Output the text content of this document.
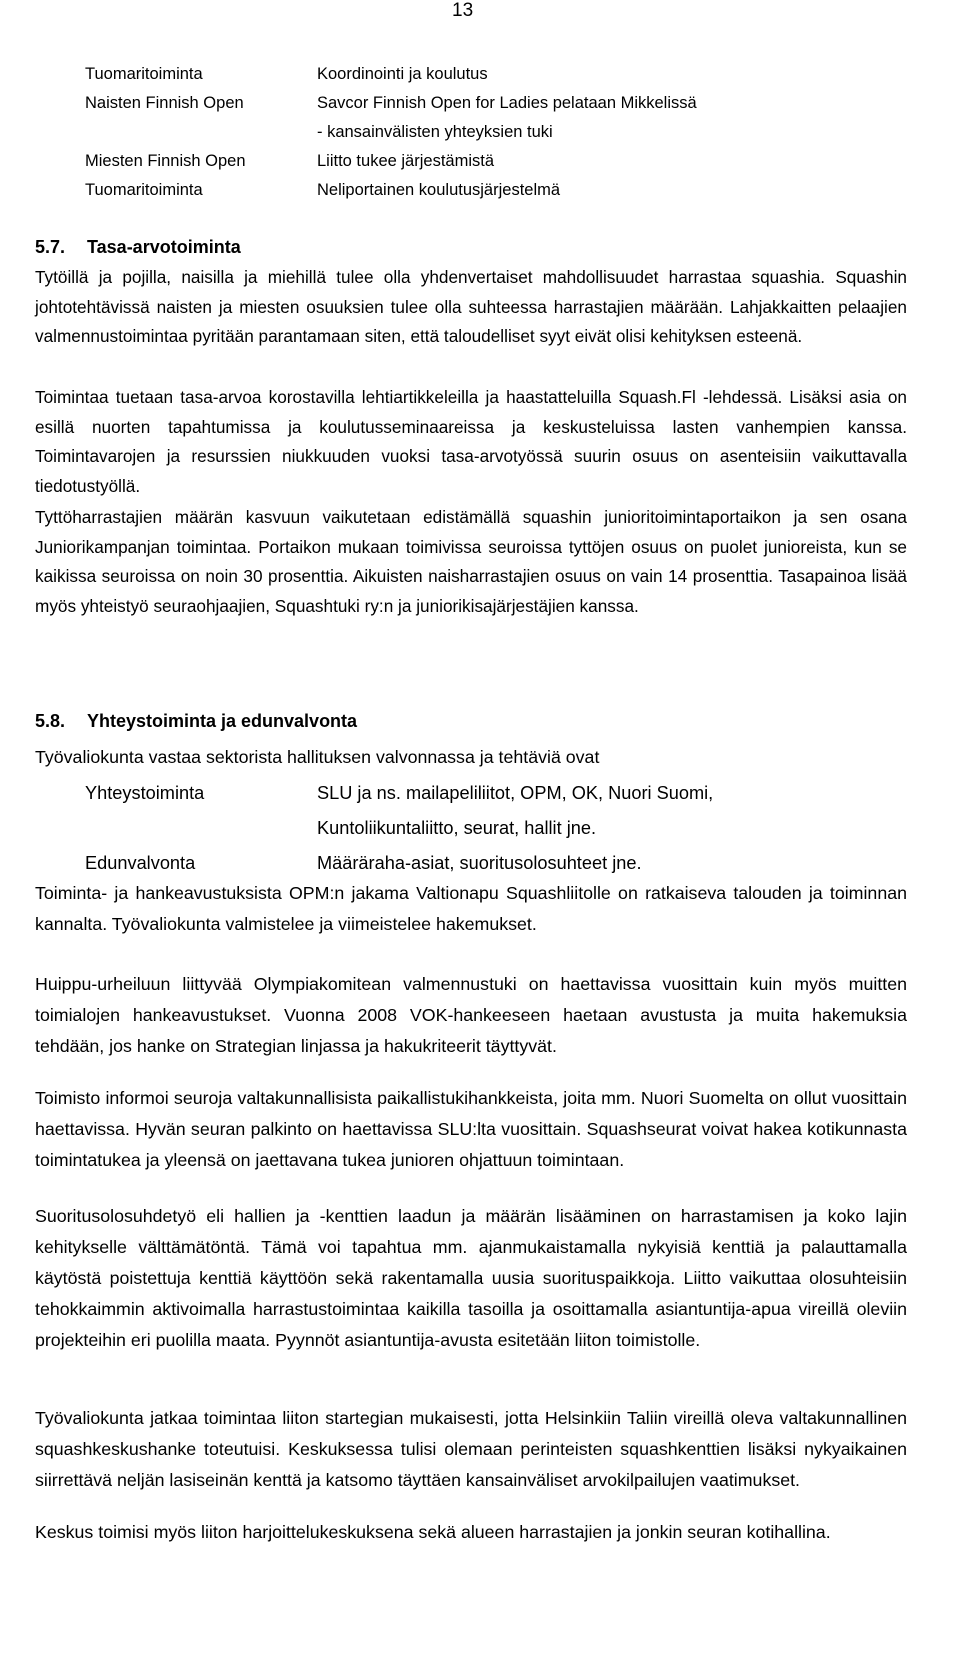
13
Tuomaritoiminta	Koordinointi ja koulutus
Naisten Finnish Open	Savcor Finnish Open for Ladies pelataan Mikkelissä
- kansainvälisten yhteyksien tuki
Miesten Finnish Open	Liitto tukee järjestämistä
Tuomaritoiminta	Neliportainen koulutusjärjestelmä
5.7.	Tasa-arvotoiminta

Tytöillä ja pojilla, naisilla ja miehillä tulee olla yhdenvertaiset mahdollisuudet harrastaa squashia. Squashin johtotehtävissä naisten ja miesten osuuksien tulee olla suhteessa harrastajien määrään. Lahjakkaitten pelaajien valmennustoimintaa pyritään parantamaan siten, että taloudelliset syyt eivät olisi kehityksen esteenä.

Toimintaa tuetaan tasa-arvoa korostavilla lehtiartikkeleilla ja haastatteluilla Squash.Fl -lehdessä. Lisäksi asia on esillä nuorten tapahtumissa ja koulutusseminaareissa ja keskusteluissa lasten vanhempien kanssa. Toimintavarojen ja resurssien niukkuuden vuoksi tasa-arvotyössä suurin osuus on asenteisiin vaikuttavalla tiedotustyöllä.

Tyttöharrastajien määrän kasvuun vaikutetaan edistämällä squashin junioritoimintaportaikon ja sen osana Juniorikampanjan toimintaa. Portaikon mukaan toimivissa seuroissa tyttöjen osuus on puolet junioreista, kun se kaikissa seuroissa on noin 30 prosenttia. Aikuisten naisharrastajien osuus on vain 14 prosenttia. Tasapainoa lisää myös yhteistyö seuraohjaajien, Squashtuki ry:n ja juniorikisajärjestäjien kanssa.

5.8.	Yhteystoiminta ja edunvalvonta

Työvaliokunta vastaa sektorista hallituksen valvonnassa ja tehtäviä ovat

Yhteystoiminta	SLU ja ns. mailapeliliitot, OPM, OK, Nuori Suomi,
Kuntoliikuntaliitto, seurat, hallit jne.
Edunvalvonta	Määräraha-asiat, suoritusolosuhteet jne.

Toiminta- ja hankeavustuksista OPM:n jakama Valtionapu Squashliitolle on ratkaiseva talouden ja toiminnan kannalta. Työvaliokunta valmistelee ja viimeistelee hakemukset.

Huippu-urheiluun liittyvää Olympiakomitean valmennustuki on haettavissa vuosittain kuin myös muitten toimialojen hankeavustukset. Vuonna 2008 VOK-hankeeseen haetaan avustusta ja muita hakemuksia tehdään, jos hanke on Strategian linjassa ja hakukriteerit täyttyvät.

Toimisto informoi seuroja valtakunnallisista paikallistukihankkeista, joita mm. Nuori Suomelta on ollut vuosittain haettavissa. Hyvän seuran palkinto on haettavissa SLU:lta vuosittain. Squashseurat voivat hakea kotikunnasta toimintatukea ja yleensä on jaettavana tukea junioren ohjattuun toimintaan.

Suoritusolosuhdetyö eli hallien ja -kenttien laadun ja määrän lisääminen on harrastamisen ja koko lajin kehitykselle välttämätöntä. Tämä voi tapahtua mm. ajanmukaistamalla nykyisiä kenttiä ja palauttamalla käytöstä poistettuja kenttiä käyttöön sekä rakentamalla uusia suorituspaikkoja. Liitto vaikuttaa olosuhteisiin tehokkaimmin aktivoimalla harrastustoimintaa kaikilla tasoilla ja osoittamalla asiantuntija-apua vireillä oleviin projekteihin eri puolilla maata. Pyynnöt asiantuntija-avusta esitetään liiton toimistolle.

Työvaliokunta jatkaa toimintaa liiton startegian mukaisesti, jotta Helsinkiin Taliin vireillä oleva valtakunnallinen squashkeskushanke toteutuisi. Keskuksessa tulisi olemaan perinteisten squashkenttien lisäksi nykyaikainen siirrettävä neljän lasiseinän kenttä ja katsomo täyttäen kansainväliset arvokilpailujen vaatimukset.

Keskus toimisi myös liiton harjoittelukeskuksena sekä alueen harrastajien ja jonkin seuran kotihallina.
